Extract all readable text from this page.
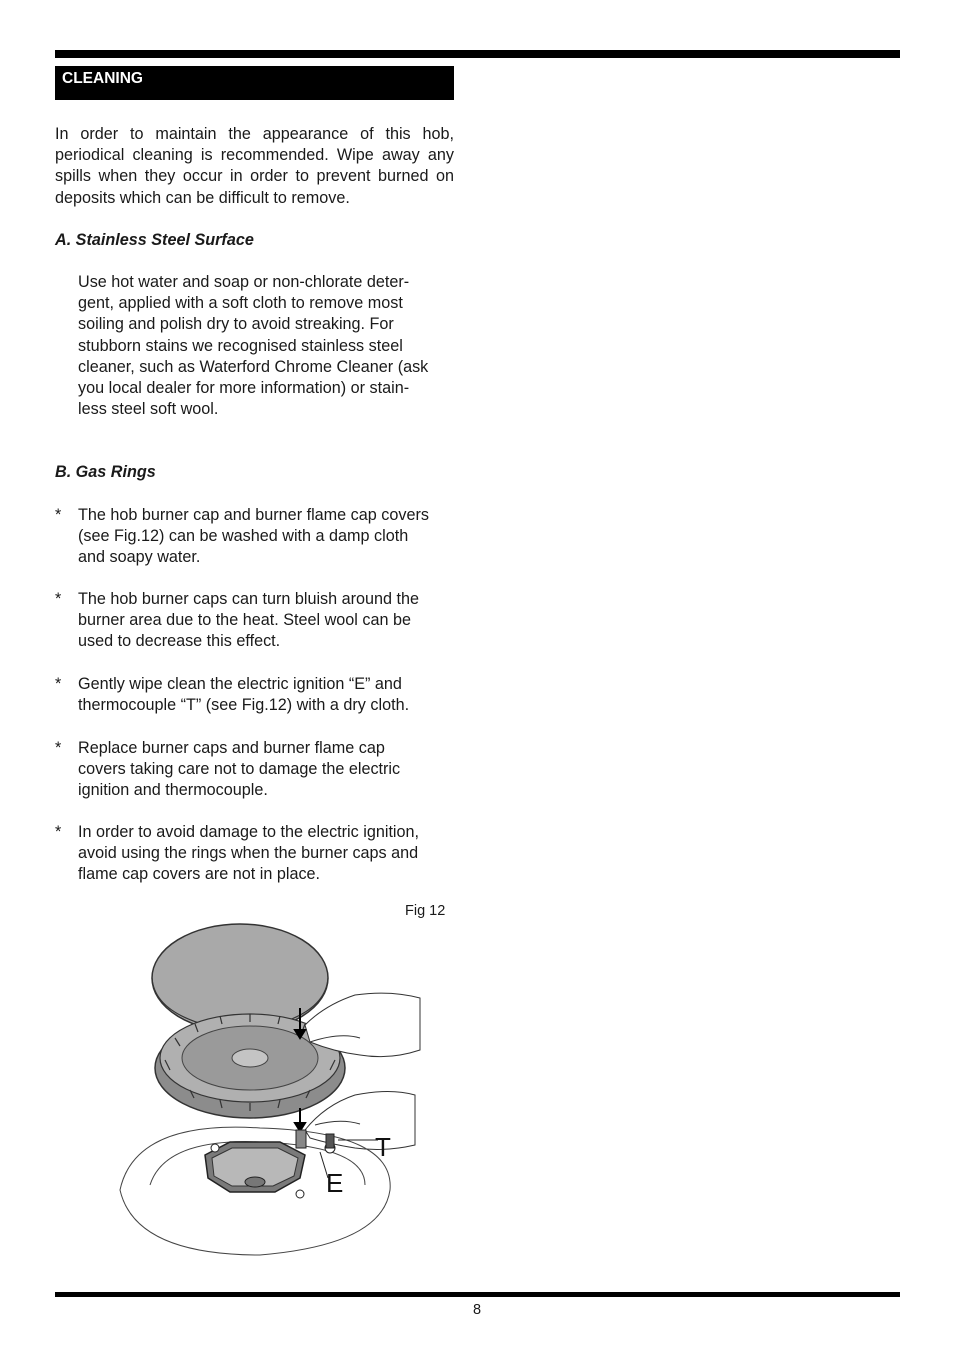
CLEANING
In order to maintain the appearance of this hob, periodical cleaning is recommended. Wipe away any spills when they occur in order to prevent burned on deposits which can be difficult to remove.
A. Stainless Steel Surface
Use hot water and soap or non-chlorate deter-
gent, applied with a soft cloth to remove most
soiling and polish dry to avoid streaking. For
stubborn stains we recognised stainless steel
cleaner, such as Waterford Chrome Cleaner (ask
you local dealer for more information) or stain-
less steel soft wool.
B. Gas Rings
* The hob burner cap and burner flame cap covers
(see Fig.12) can be washed with a damp cloth
and soapy water.
* The hob burner caps can turn bluish around the
burner area due to the heat. Steel wool can be
used to decrease this effect.
* Gently wipe clean the electric ignition “E” and
thermocouple “T” (see Fig.12) with a dry cloth.
* Replace burner caps and burner flame cap
covers taking care not to damage the electric
ignition and thermocouple.
* In order to avoid damage to the electric ignition,
avoid using the rings when the burner caps and
flame cap covers are not in place.
Fig 12
T
E
8
